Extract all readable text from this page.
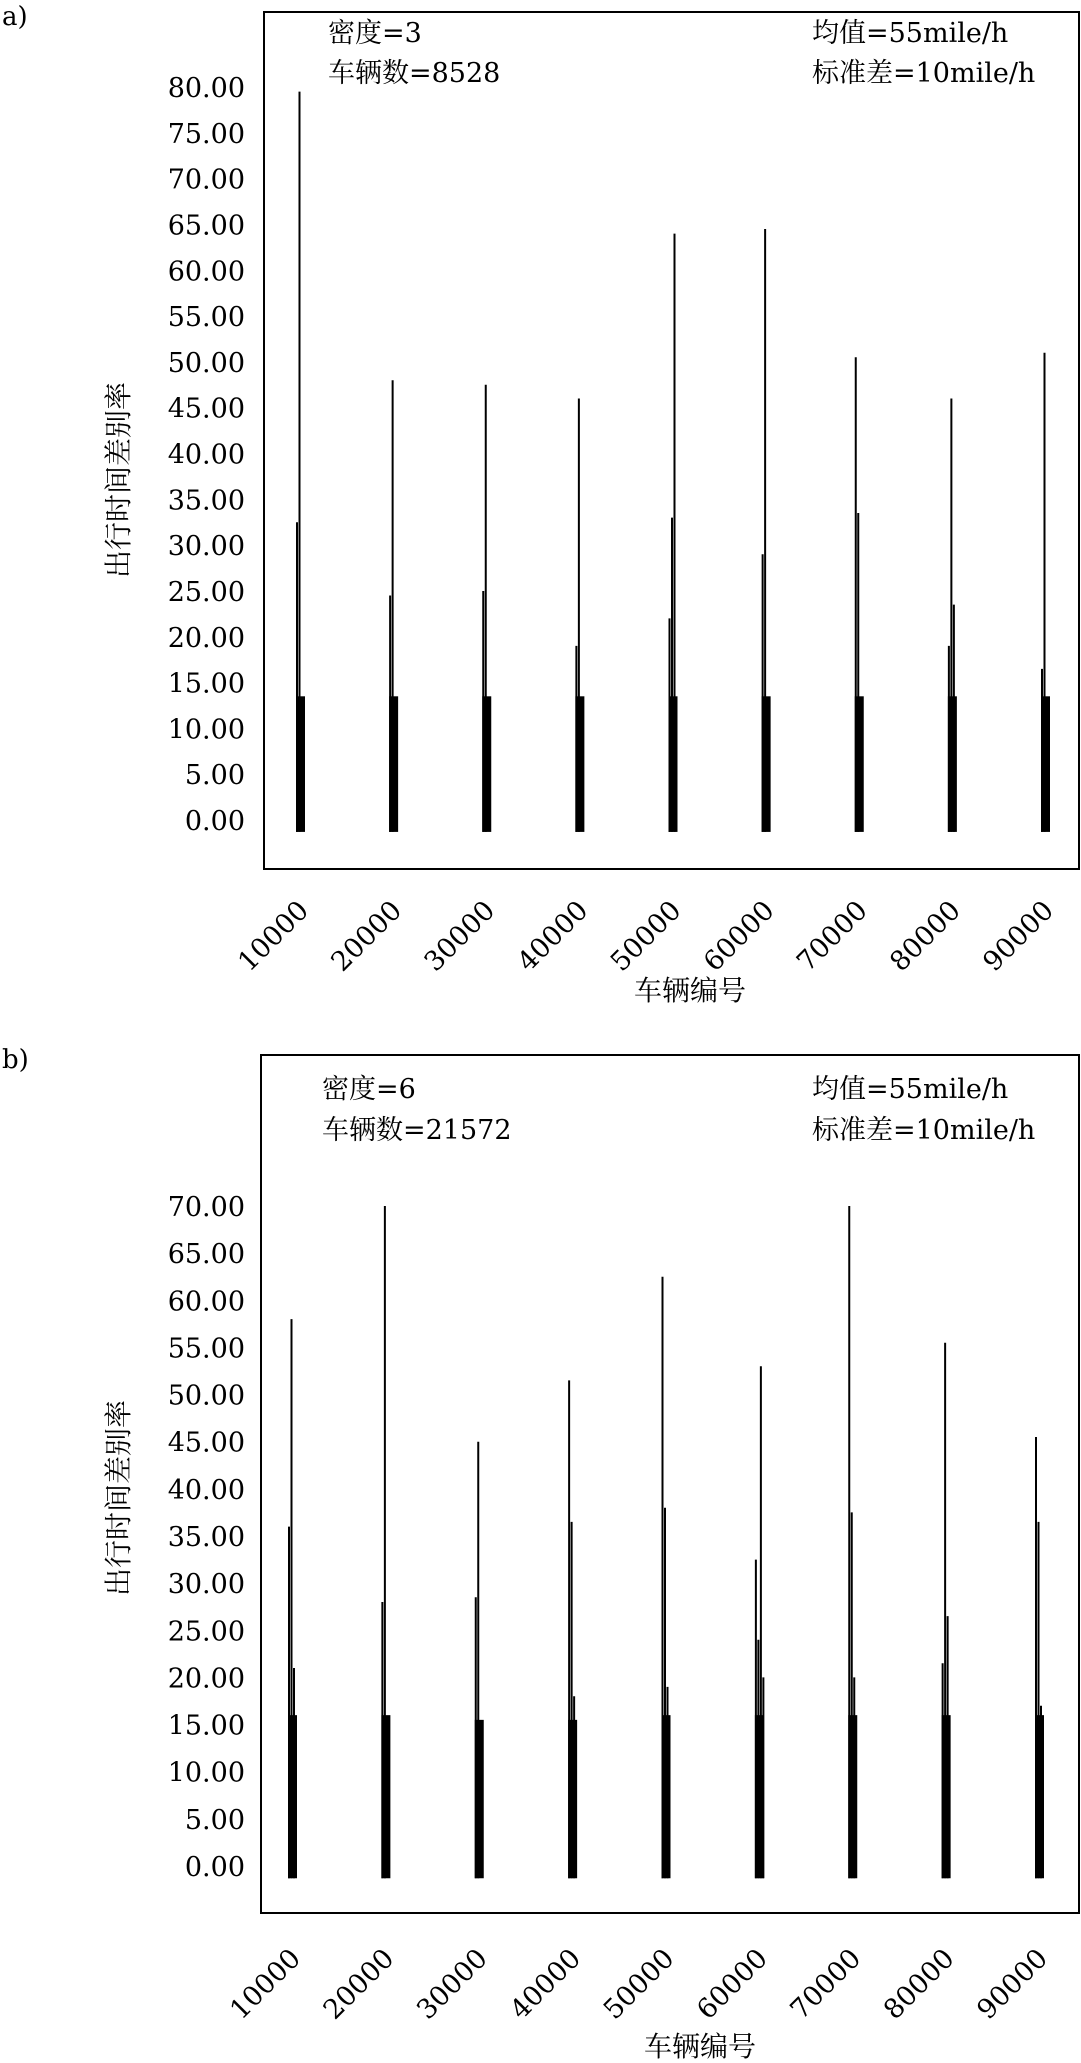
a)
0.00
5.00
10.00
15.00
20.00
25.00
30.00
35.00
40.00
45.00
50.00
55.00
60.00
65.00
70.00
75.00
80.00
10000 20000 30000 40000 50000 60000 70000 80000 90000
出行时间差别率
车辆编号
密度=3
车辆数=8528
均值=55mile/h
标准差=10mile/h
b)
0.00
5.00
10.00
15.00
20.00
25.00
30.00
35.00
40.00
45.00
50.00
55.00
60.00
65.00
70.00
10000 20000 30000 40000 50000 60000 70000 80000 90000
出行时间差别率
车辆编号
密度=6
车辆数=21572
均值=55mile/h
标准差=10mile/h
